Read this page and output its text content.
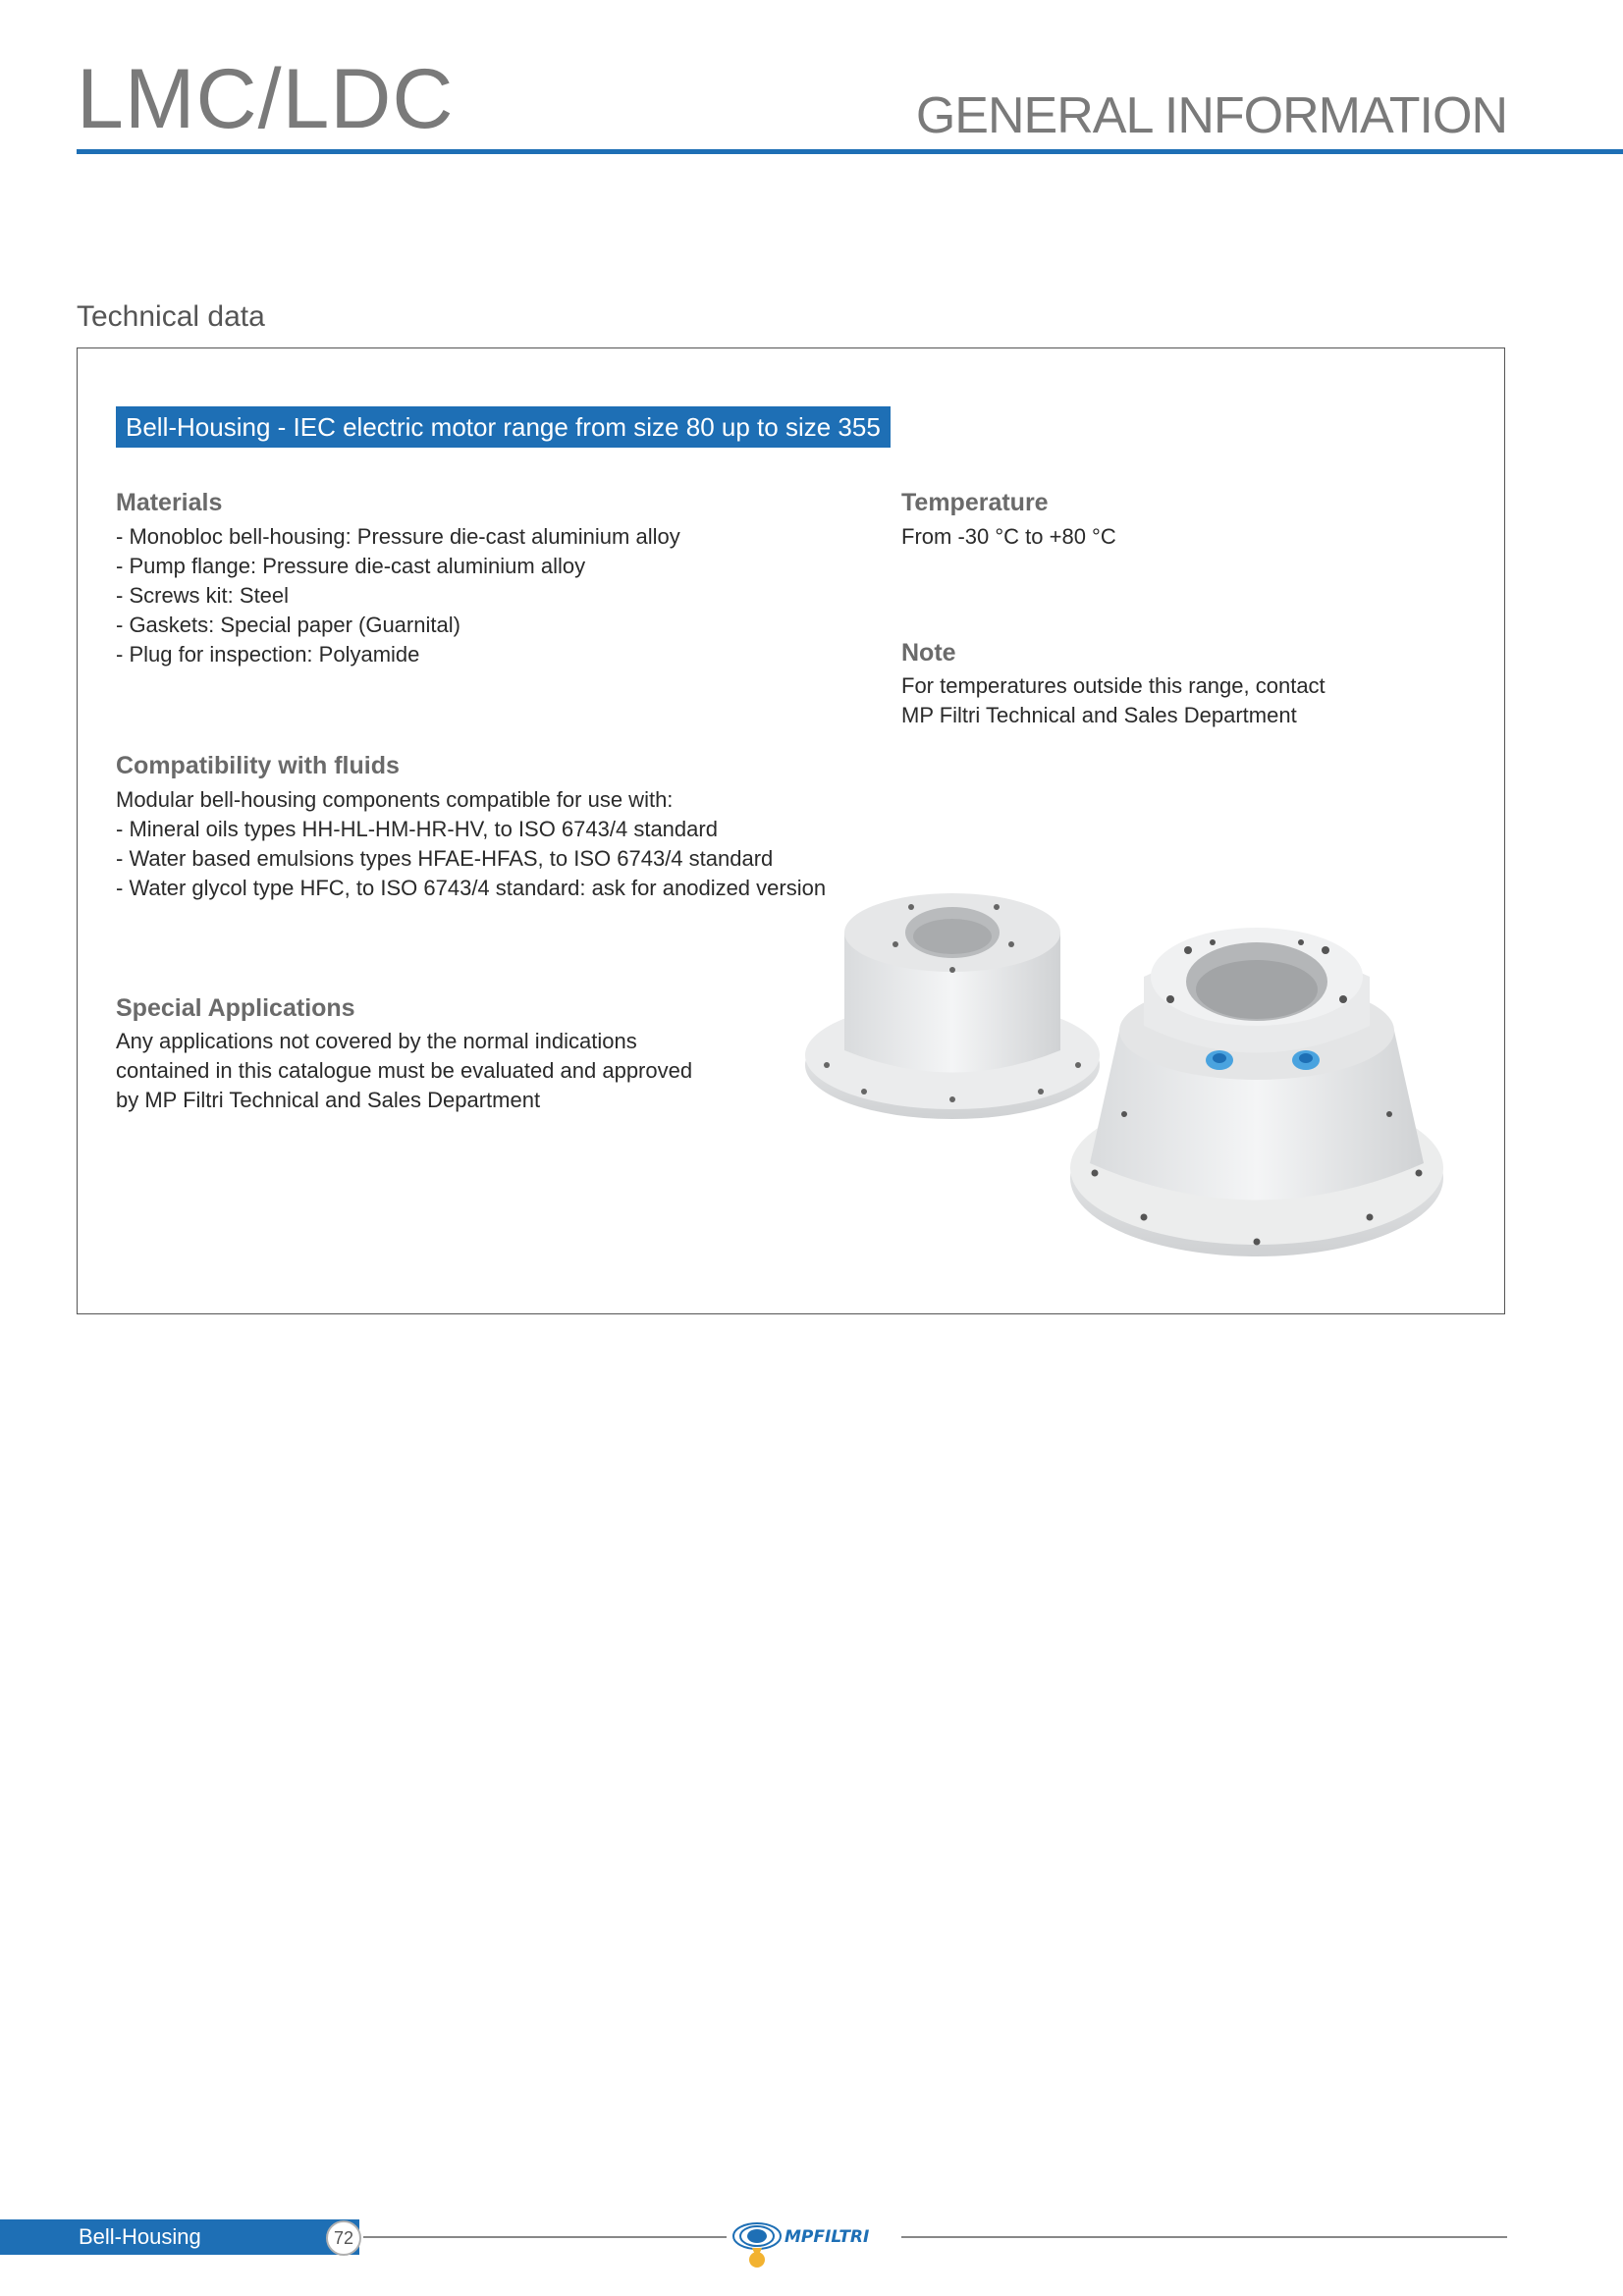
LMC/LDC	GENERAL INFORMATION
Technical data
Bell-Housing - IEC electric motor range from size 80 up to size 355
Materials
- Monobloc bell-housing: Pressure die-cast aluminium alloy
- Pump flange: Pressure die-cast aluminium alloy
- Screws kit: Steel
- Gaskets: Special paper (Guarnital)
- Plug for inspection: Polyamide
Temperature
From -30 °C to +80 °C
Note
For temperatures outside this range, contact
MP Filtri Technical and Sales Department
Compatibility with fluids
Modular bell-housing components compatible for use with:
- Mineral oils types HH-HL-HM-HR-HV, to ISO 6743/4 standard
- Water based emulsions types HFAE-HFAS, to ISO 6743/4 standard
- Water glycol type HFC, to ISO 6743/4 standard: ask for anodized version
Special Applications
Any applications not covered by the normal indications
contained in this catalogue must be evaluated and approved
by MP Filtri Technical and Sales Department
Bell-Housing	72	MPFILTRI
